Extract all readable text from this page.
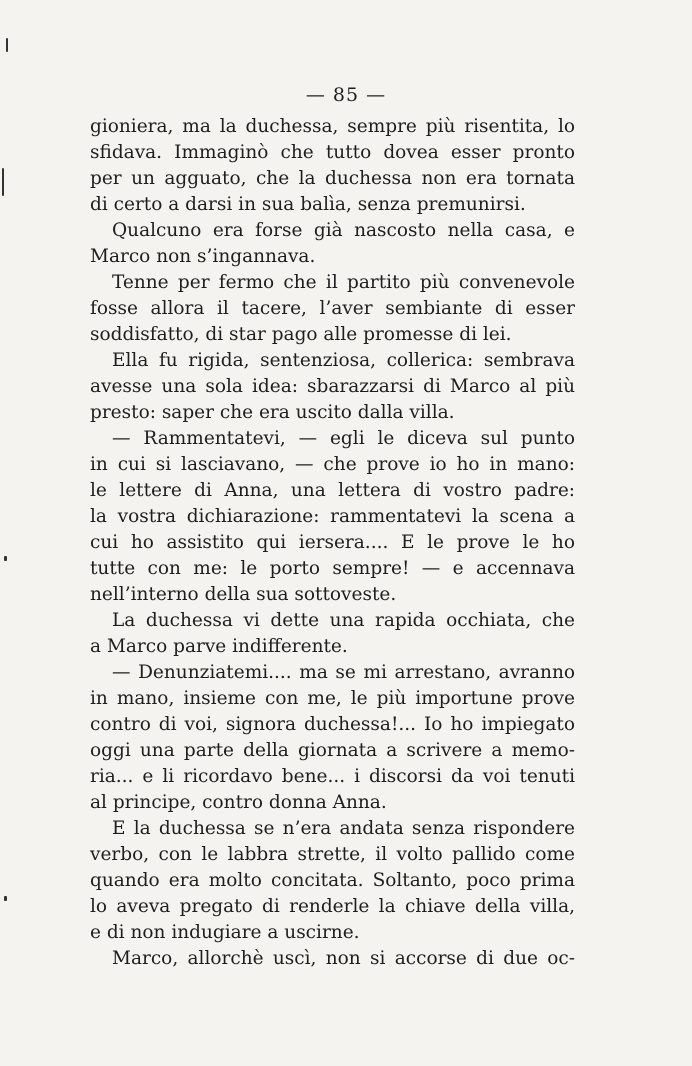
— 85 —
gioniera, ma la duchessa, sempre più risentita, lo
sfidava. Immaginò che tutto dovea esser pronto
per un agguato, che la duchessa non era tornata
di certo a darsi in sua balìa, senza premunirsi.
Qualcuno era forse già nascosto nella casa, e
Marco non s’ingannava.
Tenne per fermo che il partito più convenevole
fosse allora il tacere, l’aver sembiante di esser
soddisfatto, di star pago alle promesse di lei.
Ella fu rigida, sentenziosa, collerica: sembrava
avesse una sola idea: sbarazzarsi di Marco al più
presto: saper che era uscito dalla villa.
— Rammentatevi, — egli le diceva sul punto
in cui si lasciavano, — che prove io ho in mano:
le lettere di Anna, una lettera di vostro padre:
la vostra dichiarazione: rammentatevi la scena a
cui ho assistito qui iersera.... E le prove le ho
tutte con me: le porto sempre! — e accennava
nell’interno della sua sottoveste.
La duchessa vi dette una rapida occhiata, che
a Marco parve indifferente.
— Denunziatemi.... ma se mi arrestano, avranno
in mano, insieme con me, le più importune prove
contro di voi, signora duchessa!... Io ho impiegato
oggi una parte della giornata a scrivere a memo-
ria... e li ricordavo bene... i discorsi da voi tenuti
al principe, contro donna Anna.
E la duchessa se n’era andata senza rispondere
verbo, con le labbra strette, il volto pallido come
quando era molto concitata. Soltanto, poco prima
lo aveva pregato di renderle la chiave della villa,
e di non indugiare a uscirne.
Marco, allorchè uscì, non si accorse di due oc-
